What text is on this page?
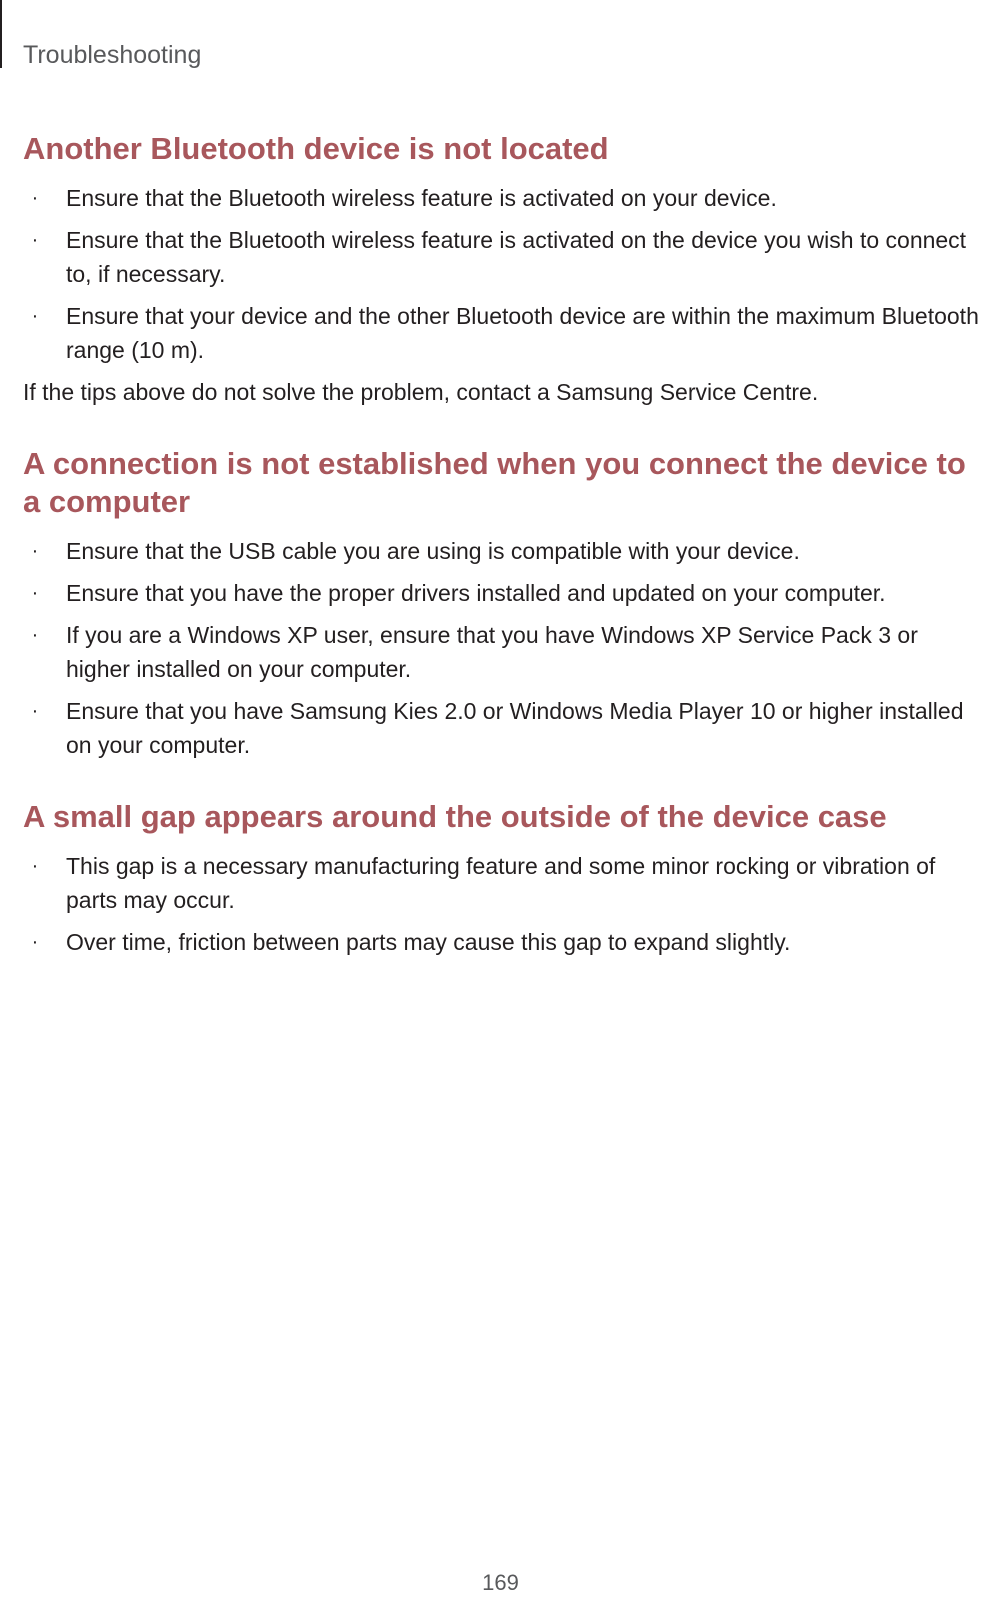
Troubleshooting
Another Bluetooth device is not located
· Ensure that the Bluetooth wireless feature is activated on your device.
· Ensure that the Bluetooth wireless feature is activated on the device you wish to connect to, if necessary.
· Ensure that your device and the other Bluetooth device are within the maximum Bluetooth range (10 m).

If the tips above do not solve the problem, contact a Samsung Service Centre.

A connection is not established when you connect the device to a computer
· Ensure that the USB cable you are using is compatible with your device.
· Ensure that you have the proper drivers installed and updated on your computer.
· If you are a Windows XP user, ensure that you have Windows XP Service Pack 3 or higher installed on your computer.
· Ensure that you have Samsung Kies 2.0 or Windows Media Player 10 or higher installed on your computer.
A small gap appears around the outside of the device case
· This gap is a necessary manufacturing feature and some minor rocking or vibration of parts may occur.
· Over time, friction between parts may cause this gap to expand slightly.
169
